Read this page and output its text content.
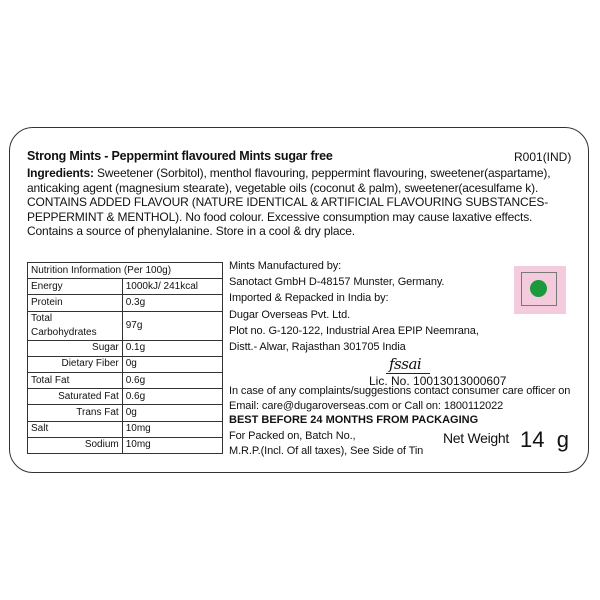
Strong Mints - Peppermint flavoured Mints sugar free	R001(IND)
Ingredients: Sweetener (Sorbitol), menthol flavouring, peppermint flavouring, sweetener(aspartame),
anticaking agent (magnesium stearate), vegetable oils (coconut & palm), sweetener(acesulfame k).
CONTAINS ADDED FLAVOUR (NATURE IDENTICAL & ARTIFICIAL FLAVOURING SUBSTANCES-
PEPPERMINT & MENTHOL). No food colour. Excessive consumption may cause laxative effects.
Contains a source of phenylalanine. Store in a cool & dry place.
Nutrition Information (Per 100g)	
Energy	1000kJ/ 241kcal
Protein	0.3g
Total Carbohydrates	97g
Sugar	0.1g
Dietary Fiber	0g
Total Fat	0.6g
Saturated Fat	0.6g
Trans Fat	0g
Salt	10mg
Sodium	10mg
Mints Manufactured by:
Sanotact GmbH D-48157 Munster, Germany.
Imported & Repacked in India by:
Dugar Overseas Pvt. Ltd.
Plot no. G-120-122, Industrial Area EPIP Neemrana,
Distt.- Alwar, Rajasthan 301705 India
fssai
Lic. No. 10013013000607
In case of any complaints/suggestions contact consumer care officer on
Email: care@dugaroverseas.com or Call on: 1800112022
BEST BEFORE 24 MONTHS FROM PACKAGING
For Packed on, Batch No.,
M.R.P.(Incl. Of all taxes), See Side of Tin
Net Weight 14  g
